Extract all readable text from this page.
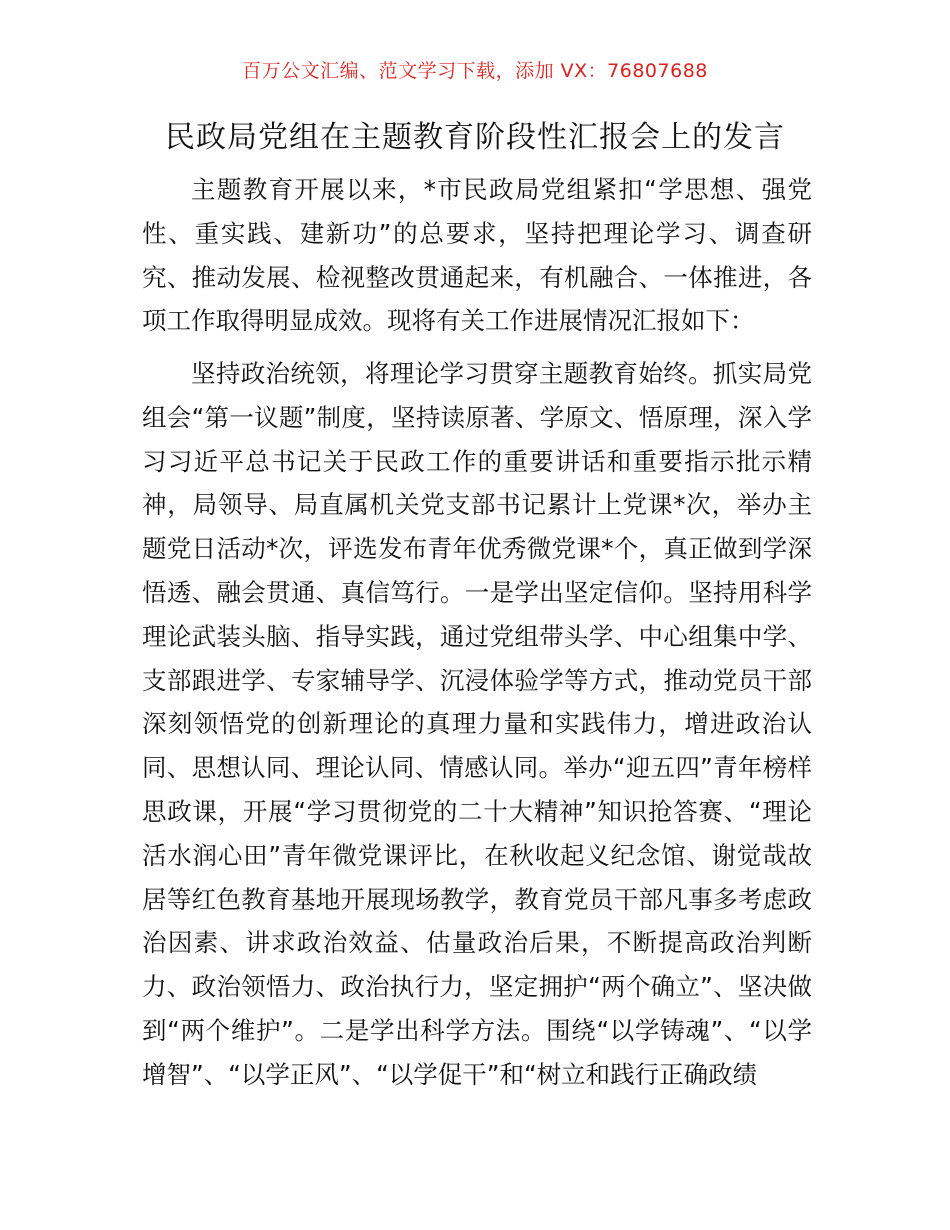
百万公文汇编、范文学习下载，添加 VX：76807688
民政局党组在主题教育阶段性汇报会上的发言

主题教育开展以来，*市民政局党组紧扣“学思想、强党性、重实践、建新功”的总要求，坚持把理论学习、调查研究、推动发展、检视整改贯通起来，有机融合、一体推进，各项工作取得明显成效。现将有关工作进展情况汇报如下：

坚持政治统领，将理论学习贯穿主题教育始终。抓实局党组会“第一议题”制度，坚持读原著、学原文、悟原理，深入学习习近平总书记关于民政工作的重要讲话和重要指示批示精神，局领导、局直属机关党支部书记累计上党课*次，举办主题党日活动*次，评选发布青年优秀微党课*个，真正做到学深悟透、融会贯通、真信笃行。一是学出坚定信仰。坚持用科学理论武装头脑、指导实践，通过党组带头学、中心组集中学、支部跟进学、专家辅导学、沉浸体验学等方式，推动党员干部深刻领悟党的创新理论的真理力量和实践伟力，增进政治认同、思想认同、理论认同、情感认同。举办“迎五四”青年榜样思政课，开展“学习贯彻党的二十大精神”知识抢答赛、“理论活水润心田”青年微党课评比，在秋收起义纪念馆、谢觉哉故居等红色教育基地开展现场教学，教育党员干部凡事多考虑政治因素、讲求政治效益、估量政治后果，不断提高政治判断力、政治领悟力、政治执行力，坚定拥护“两个确立”、坚决做到“两个维护”。二是学出科学方法。围绕“以学铸魂”、“以学增智”、“以学正风”、“以学促干”和“树立和践行正确政绩
